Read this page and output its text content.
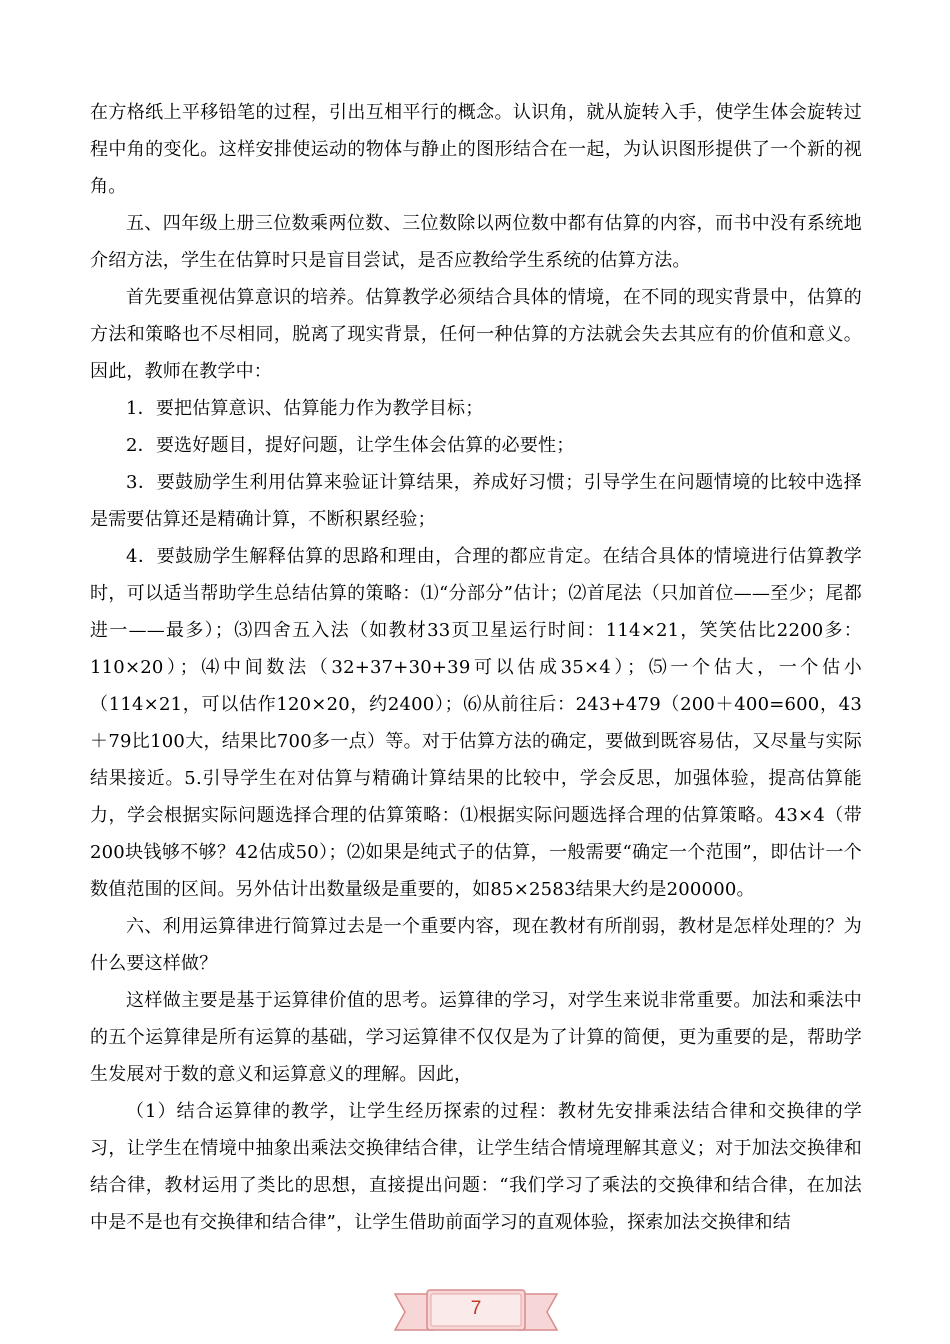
在方格纸上平移铅笔的过程，引出互相平行的概念。认识角，就从旋转入手，使学生体会旋转过程中角的变化。这样安排使运动的物体与静止的图形结合在一起，为认识图形提供了一个新的视角。

五、四年级上册三位数乘两位数、三位数除以两位数中都有估算的内容，而书中没有系统地介绍方法，学生在估算时只是盲目尝试，是否应教给学生系统的估算方法。

首先要重视估算意识的培养。估算教学必须结合具体的情境，在不同的现实背景中，估算的方法和策略也不尽相同，脱离了现实背景，任何一种估算的方法就会失去其应有的价值和意义。因此，教师在教学中：

1．要把估算意识、估算能力作为教学目标；

2．要选好题目，提好问题，让学生体会估算的必要性；

3．要鼓励学生利用估算来验证计算结果，养成好习惯；引导学生在问题情境的比较中选择是需要估算还是精确计算，不断积累经验；

4．要鼓励学生解释估算的思路和理由，合理的都应肯定。在结合具体的情境进行估算教学时，可以适当帮助学生总结估算的策略：⑴“分部分”估计；⑵首尾法（只加首位——至少；尾都进一——最多）；⑶四舍五入法（如教材33页卫星运行时间：114×21，笑笑估比2200多：110×20）；⑷中间数法（32+37+30+39可以估成35×4）；⑸一个估大，一个估小（114×21，可以估作120×20，约2400）；⑹从前往后：243+479（200＋400=600，43＋79比100大，结果比700多一点）等。对于估算方法的确定，要做到既容易估，又尽量与实际结果接近。5.引导学生在对估算与精确计算结果的比较中，学会反思，加强体验，提高估算能力，学会根据实际问题选择合理的估算策略：⑴根据实际问题选择合理的估算策略。43×4（带200块钱够不够？42估成50）；⑵如果是纯式子的估算，一般需要“确定一个范围”，即估计一个数值范围的区间。另外估计出数量级是重要的，如85×2583结果大约是200000。

六、利用运算律进行简算过去是一个重要内容，现在教材有所削弱，教材是怎样处理的？为什么要这样做？

这样做主要是基于运算律价值的思考。运算律的学习，对学生来说非常重要。加法和乘法中的五个运算律是所有运算的基础，学习运算律不仅仅是为了计算的简便，更为重要的是，帮助学生发展对于数的意义和运算意义的理解。因此，

（1）结合运算律的教学，让学生经历探索的过程：教材先安排乘法结合律和交换律的学习，让学生在情境中抽象出乘法交换律结合律，让学生结合情境理解其意义；对于加法交换律和结合律，教材运用了类比的思想，直接提出问题：“我们学习了乘法的交换律和结合律，在加法中是不是也有交换律和结合律”，让学生借助前面学习的直观体验，探索加法交换律和结

7
